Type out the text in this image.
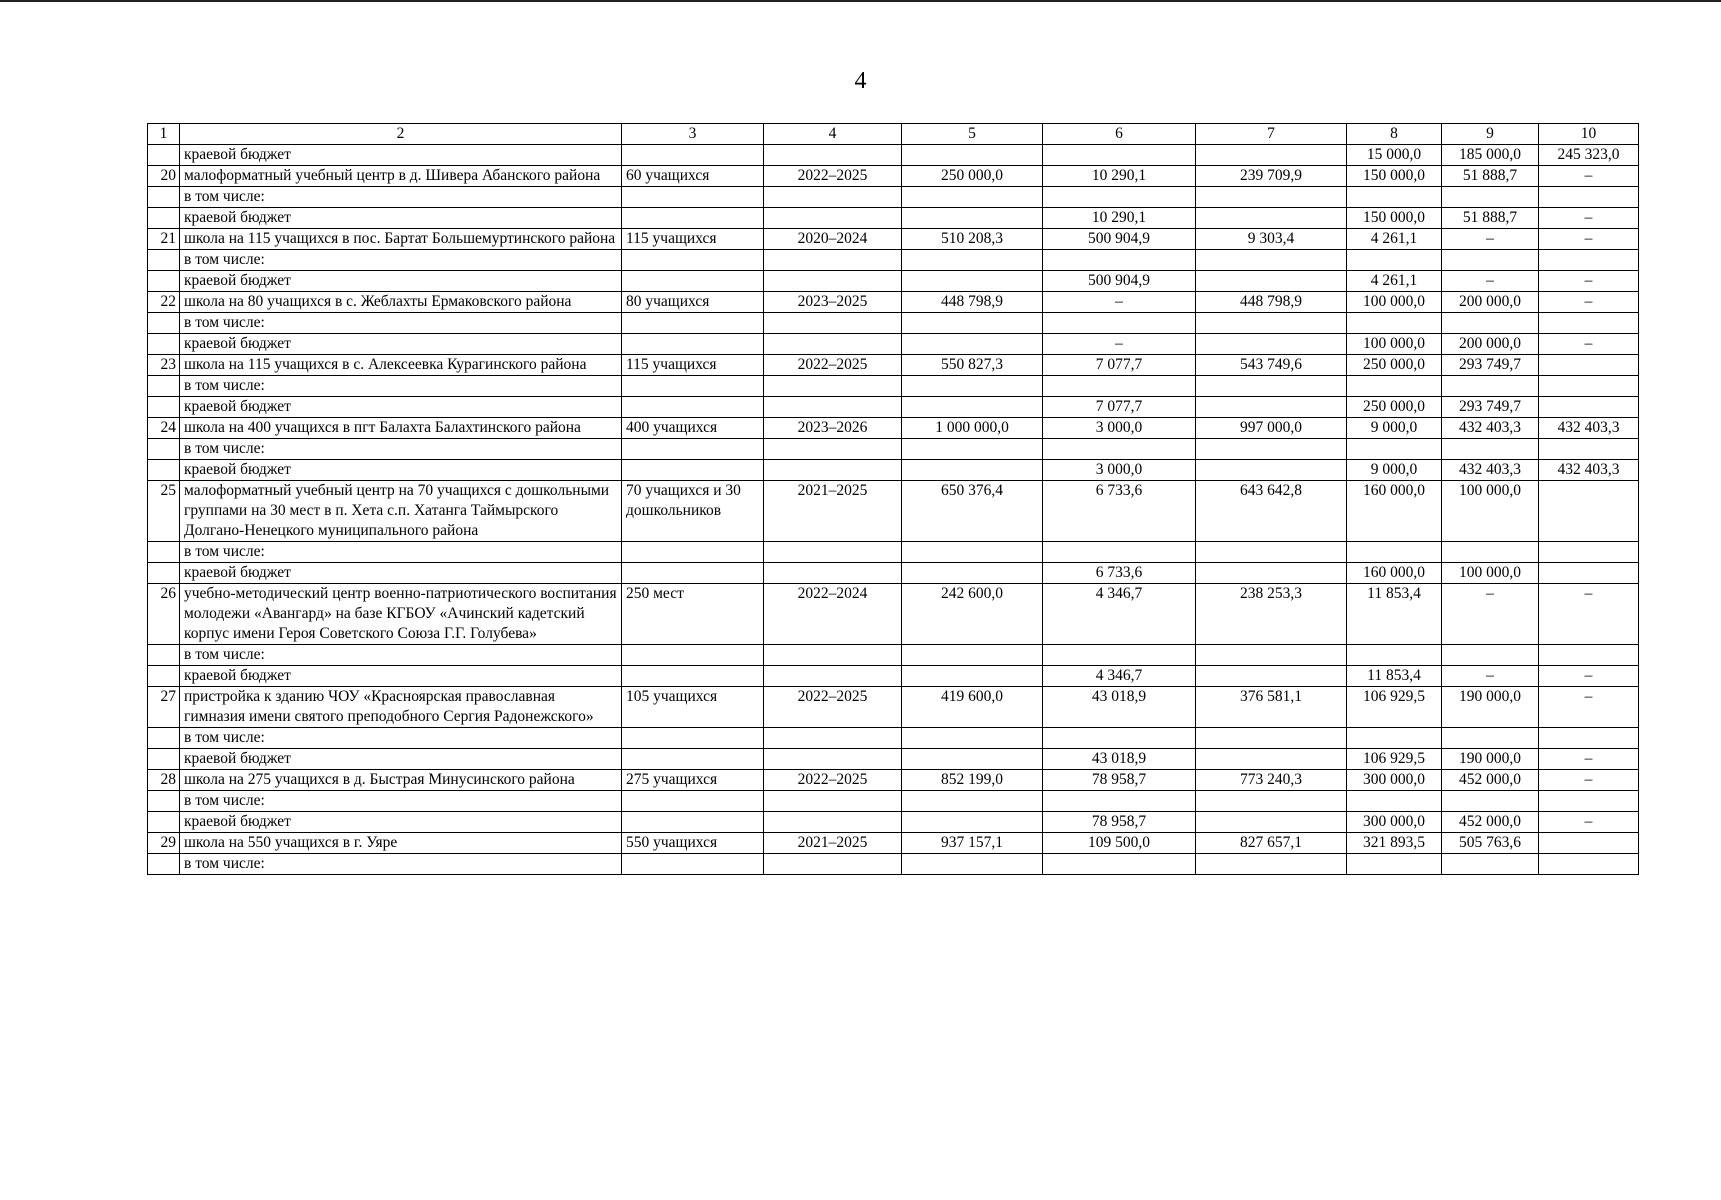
4
1	2	3	4	5	6	7	8	9	10
	краевой бюджет						15 000,0	185 000,0	245 323,0
20	малоформатный учебный центр в д. Шивера Абанского района	60 учащихся	2022–2025	250 000,0	10 290,1	239 709,9	150 000,0	51 888,7	–
	в том числе:								
	краевой бюджет				10 290,1		150 000,0	51 888,7	–
21	школа на 115 учащихся в пос. Бартат Большемуртинского района	115 учащихся	2020–2024	510 208,3	500 904,9	9 303,4	4 261,1	–	–
	в том числе:								
	краевой бюджет				500 904,9		4 261,1	–	–
22	школа на 80 учащихся в с. Жеблахты Ермаковского района	80 учащихся	2023–2025	448 798,9	–	448 798,9	100 000,0	200 000,0	–
	в том числе:								
	краевой бюджет				–		100 000,0	200 000,0	–
23	школа на 115 учащихся в с. Алексеевка Курагинского района	115 учащихся	2022–2025	550 827,3	7 077,7	543 749,6	250 000,0	293 749,7	
	в том числе:								
	краевой бюджет				7 077,7		250 000,0	293 749,7	
24	школа на 400 учащихся в пгт Балахта Балахтинского района	400 учащихся	2023–2026	1 000 000,0	3 000,0	997 000,0	9 000,0	432 403,3	432 403,3
	в том числе:								
	краевой бюджет				3 000,0		9 000,0	432 403,3	432 403,3
25	малоформатный учебный центр на 70 учащихся с дошкольными группами на 30 мест в п. Хета с.п. Хатанга Таймырского Долгано-Ненецкого муниципального района	70 учащихся и 30 дошкольников	2021–2025	650 376,4	6 733,6	643 642,8	160 000,0	100 000,0	
	в том числе:								
	краевой бюджет				6 733,6		160 000,0	100 000,0	
26	учебно-методический центр военно-патриотического воспитания молодежи «Авангард» на базе КГБОУ «Ачинский кадетский корпус имени Героя Советского Союза Г.Г. Голубева»	250 мест	2022–2024	242 600,0	4 346,7	238 253,3	11 853,4	–	–
	в том числе:								
	краевой бюджет				4 346,7		11 853,4	–	–
27	пристройка к зданию ЧОУ «Красноярская православная гимназия имени святого преподобного Сергия Радонежского»	105 учащихся	2022–2025	419 600,0	43 018,9	376 581,1	106 929,5	190 000,0	–
	в том числе:								
	краевой бюджет				43 018,9		106 929,5	190 000,0	–
28	школа на 275 учащихся в д. Быстрая Минусинского района	275 учащихся	2022–2025	852 199,0	78 958,7	773 240,3	300 000,0	452 000,0	–
	в том числе:								
	краевой бюджет				78 958,7		300 000,0	452 000,0	–
29	школа на 550 учащихся в г. Уяре	550 учащихся	2021–2025	937 157,1	109 500,0	827 657,1	321 893,5	505 763,6	
	в том числе:								
